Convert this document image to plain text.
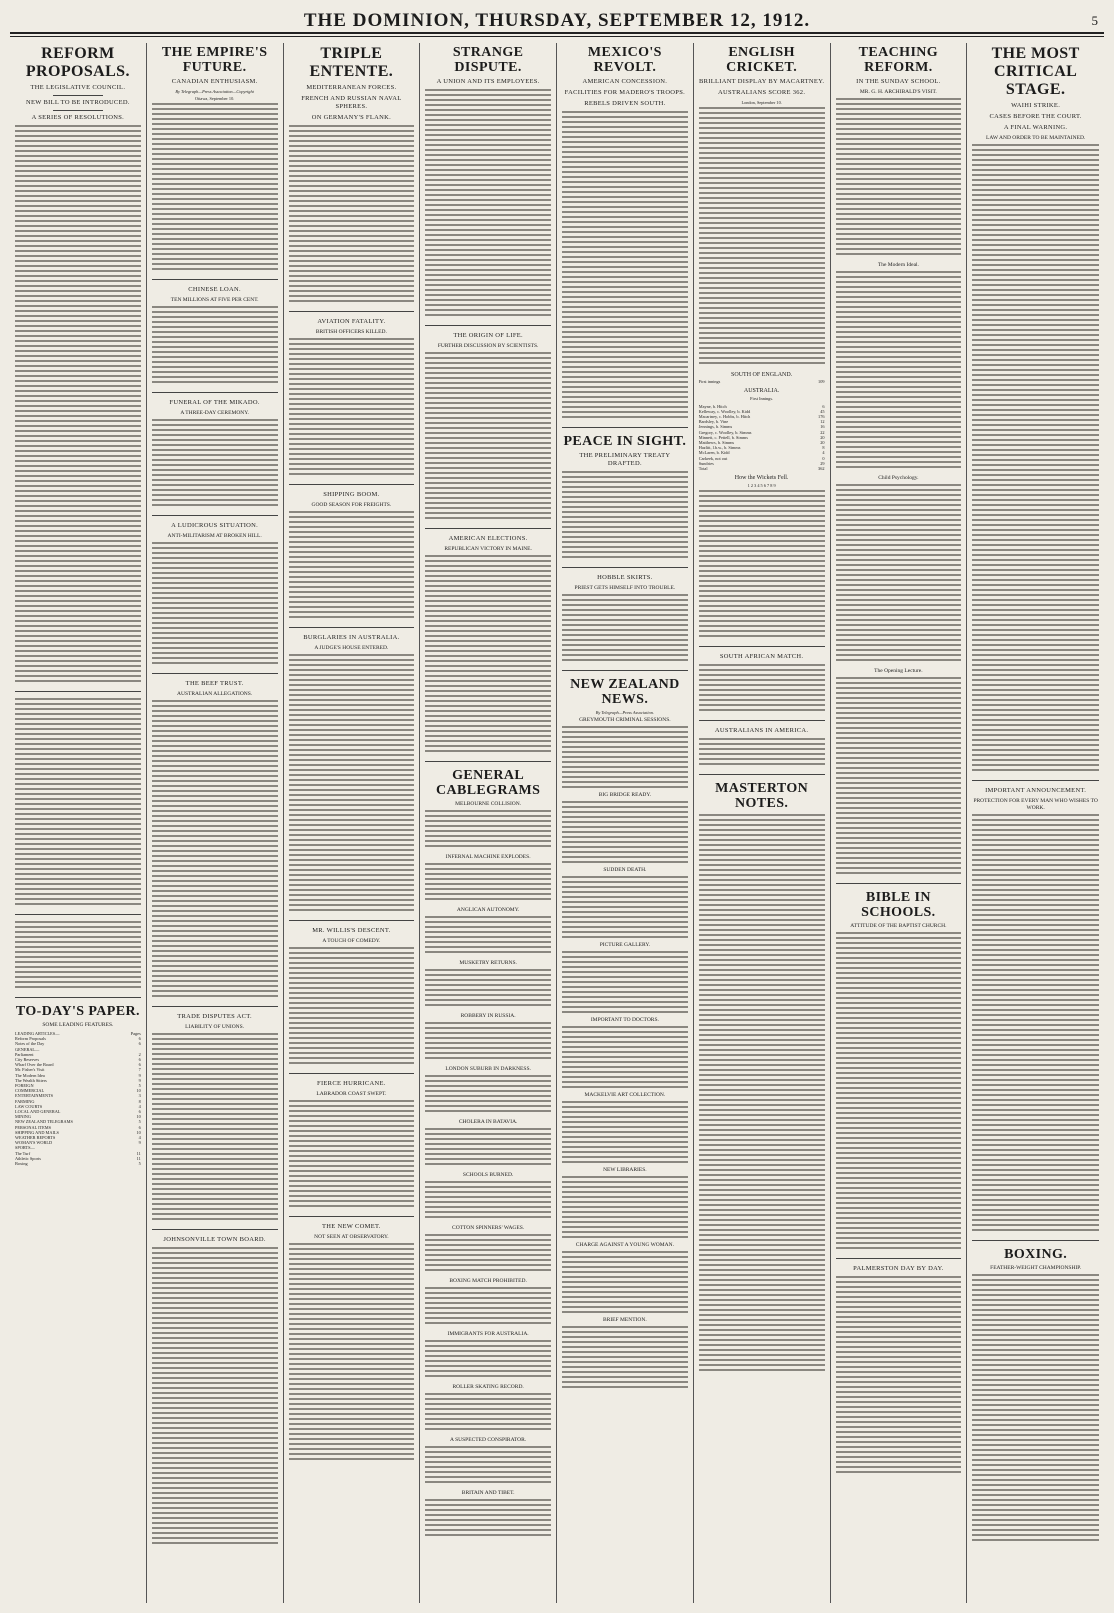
THE DOMINION, THURSDAY, SEPTEMBER 12, 1912.	5
REFORM PROPOSALS.
THE LEGISLATIVE COUNCIL.
NEW BILL TO BE INTRODUCED.
A SERIES OF RESOLUTIONS.
TO-DAY'S PAPER.
SOME LEADING FEATURES.
LEADING ARTICLES—	Pages
Reform Proposals	6
Notes of the Day	6
GENERAL—
Parliament	2
City Reserves	6
Wharf Over the Board	6
Mr. Fisher's Visit	7
The Modern Idea	9
The Wealth Sitters	9
FOREIGN	5
COMMERCIAL	10
ENTERTAINMENTS	3
FARMING	8
LAW COURTS	4
LOCAL AND GENERAL	6
MINING	10
NEW ZEALAND TELEGRAMS	5
PERSONAL ITEMS	6
SHIPPING AND MAILS	10
WEATHER REPORTS	4
WOMAN'S WORLD	9
SPORTS—
The Turf	11
Athletic Sports	11
Boxing	5
THE EMPIRE'S FUTURE.
CANADIAN ENTHUSIASM.
By Telegraph—Press Association—Copyright
Ottawa, September 10.
CHINESE LOAN.
TEN MILLIONS AT FIVE PER CENT.
FUNERAL OF THE MIKADO.
A THREE-DAY CEREMONY.
A LUDICROUS SITUATION.
ANTI-MILITARISM AT BROKEN HILL.
THE BEEF TRUST.
AUSTRALIAN ALLEGATIONS.
TRADE DISPUTES ACT.
LIABILITY OF UNIONS.
JOHNSONVILLE TOWN BOARD.
TRIPLE ENTENTE.
MEDITERRANEAN FORCES.
FRENCH AND RUSSIAN NAVAL SPHERES.
ON GERMANY'S FLANK.
AVIATION FATALITY.
BRITISH OFFICERS KILLED.
SHIPPING BOOM.
GOOD SEASON FOR FREIGHTS.
BURGLARIES IN AUSTRALIA.
A JUDGE'S HOUSE ENTERED.
MR. WILLIS'S DESCENT.
A TOUCH OF COMEDY.
FIERCE HURRICANE.
LABRADOR COAST SWEPT.
THE NEW COMET.
NOT SEEN AT OBSERVATORY.
STRANGE DISPUTE.
A UNION AND ITS EMPLOYEES.
THE ORIGIN OF LIFE.
FURTHER DISCUSSION BY SCIENTISTS.
AMERICAN ELECTIONS.
REPUBLICAN VICTORY IN MAINE.
GENERAL CABLEGRAMS
MELBOURNE COLLISION.
INFERNAL MACHINE EXPLODES.
ANGLICAN AUTONOMY.
MUSKETRY RETURNS.
ROBBERY IN RUSSIA.
LONDON SUBURB IN DARKNESS.
CHOLERA IN BATAVIA.
SCHOOLS BURNED.
COTTON SPINNERS' WAGES.
BOXING MATCH PROHIBITED.
IMMIGRANTS FOR AUSTRALIA.
ROLLER SKATING RECORD.
A SUSPECTED CONSPIRATOR.
BRITAIN AND TIBET.
MEXICO'S REVOLT.
AMERICAN CONCESSION.
FACILITIES FOR MADERO'S TROOPS.
REBELS DRIVEN SOUTH.
PEACE IN SIGHT.
THE PRELIMINARY TREATY DRAFTED.
HOBBLE SKIRTS.
PRIEST GETS HIMSELF INTO TROUBLE.
NEW ZEALAND NEWS.
By Telegraph—Press Association.
GREYMOUTH CRIMINAL SESSIONS.
BIG BRIDGE READY.
SUDDEN DEATH.
PICTURE GALLERY.
IMPORTANT TO DOCTORS.
MACKELVIE ART COLLECTION.
NEW LIBRARIES.
CHARGE AGAINST A YOUNG WOMAN.
BRIEF MENTION.
ENGLISH CRICKET.
BRILLIANT DISPLAY BY MACARTNEY.
AUSTRALIANS SCORE 362.
London, September 10.
SOUTH OF ENGLAND.
First innings	109
AUSTRALIA.
First Innings.
Mayne, b. Hitch	6
Kelleway, c. Woolley, b. Kidd	45
Macartney, c. Hobbs, b. Hitch	176
Bardsley, b. Vine	12
Jennings, b. Simms	16
Gregory, c. Woolley, b. Simms	22
Minnett, c. Pettell, b. Simms	20
Matthews, b. Simms	20
Hazlitt, l.b.w., b. Simms	8
McLaren, b. Kidd	4
Carkeek, not out	0
Sundries	29
Total	362
How the Wickets Fell.
1 2 3 4 5 6 7 8 9
SOUTH AFRICAN MATCH.
AUSTRALIANS IN AMERICA.
MASTERTON NOTES.
TEACHING REFORM.
IN THE SUNDAY SCHOOL.
MR. G. H. ARCHIBALD'S VISIT.
The Modern Ideal.
Child Psychology.
The Opening Lecture.
BIBLE IN SCHOOLS.
ATTITUDE OF THE BAPTIST CHURCH.
PALMERSTON DAY BY DAY.
THE MOST CRITICAL STAGE.
WAIHI STRIKE.
CASES BEFORE THE COURT.
A FINAL WARNING.
LAW AND ORDER TO BE MAINTAINED.
IMPORTANT ANNOUNCEMENT.
PROTECTION FOR EVERY MAN WHO WISHES TO WORK.
BOXING.
FEATHER-WEIGHT CHAMPIONSHIP.
